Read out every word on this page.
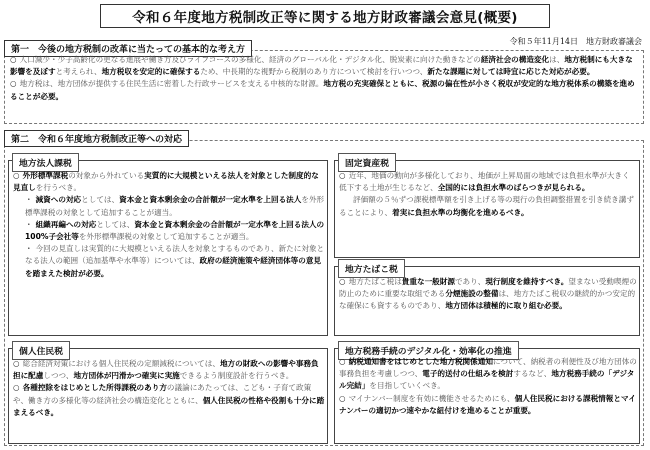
令和６年度地方税制改正等に関する地方財政審議会意見(概要)
令和５年11月14日　地方財政審議会
第一　今後の地方税制の改革に当たっての基本的な考え方
○ 人口減少・少子高齢化の更なる進展や働き方及びライフコースの多様化、経済のグローバル化・デジタル化、脱炭素に向けた動きなどの経済社会の構造変化は、地方税制にも大きな影響を及ぼすと考えられ、地方税収を安定的に確保するため、中長期的な視野から税制のあり方について検討を行いつつ、新たな課題に対しては時宜に応じた対応が必要。
○ 地方税は、地方団体が提供する住民生活に密着した行政サービスを支える中核的な財源。地方税の充実確保とともに、税源の偏在性が小さく税収が安定的な地方税体系の構築を進めることが必要。
第二　令和６年度地方税制改正等への対応
地方法人課税
○ 外形標準課税の対象から外れている実質的に大規模といえる法人を対象とした制度的な見直しを行うべき。
・ 減資への対応としては、資本金と資本剰余金の合計額が一定水準を上回る法人を外形標準課税の対象として追加することが適当。
・ 組織再編への対応としては、資本金と資本剰余金の合計額が一定水準を上回る法人の100%子会社等を外形標準課税の対象として追加することが適当。
・ 今回の見直しは実質的に大規模といえる法人を対象とするものであり、新たに対象となる法人の範囲（追加基準や水準等）については、政府の経済施策や経済団体等の意見を踏まえた検討が必要。
個人住民税
○ 総合経済対策における個人住民税の定額減税については、地方の財政への影響や事務負担に配慮しつつ、地方団体が円滑かつ確実に実施できるよう制度設計を行うべき。
○ 各種控除をはじめとした所得課税のあり方の議論にあたっては、こども・子育て政策や、働き方の多様化等の経済社会の構造変化とともに、個人住民税の性格や役割も十分に踏まえるべき。
固定資産税
○ 近年、地価の動向が多様化しており、地価が上昇局面の地域では負担水準が大きく低下する土地が生じるなど、全国的には負担水準のばらつきが見られる。
評価額の５％ずつ課税標準額を引き上げる等の現行の負担調整措置を引き続き講ずることにより、着実に負担水準の均衡化を進めるべき。
地方たばこ税
○ 地方たばこ税は貴重な一般財源であり、現行制度を維持すべき。望まない受動喫煙の防止のために重要な取組である分煙施設の整備は、地方たばこ税収の継続的かつ安定的な確保にも資するものであり、地方団体は積極的に取り組む必要。
地方税務手続のデジタル化・効率化の推進
○ 納税通知書をはじめとした地方税関係通知について、納税者の利便性及び地方団体の事務負担を考慮しつつ、電子的送付の仕組みを検討するなど、地方税務手続の「デジタル完結」を目指していくべき。
○ マイナンバー制度を有効に機能させるためにも、個人住民税における課税情報とマイナンバーの適切かつ速やかな紐付けを進めることが重要。
